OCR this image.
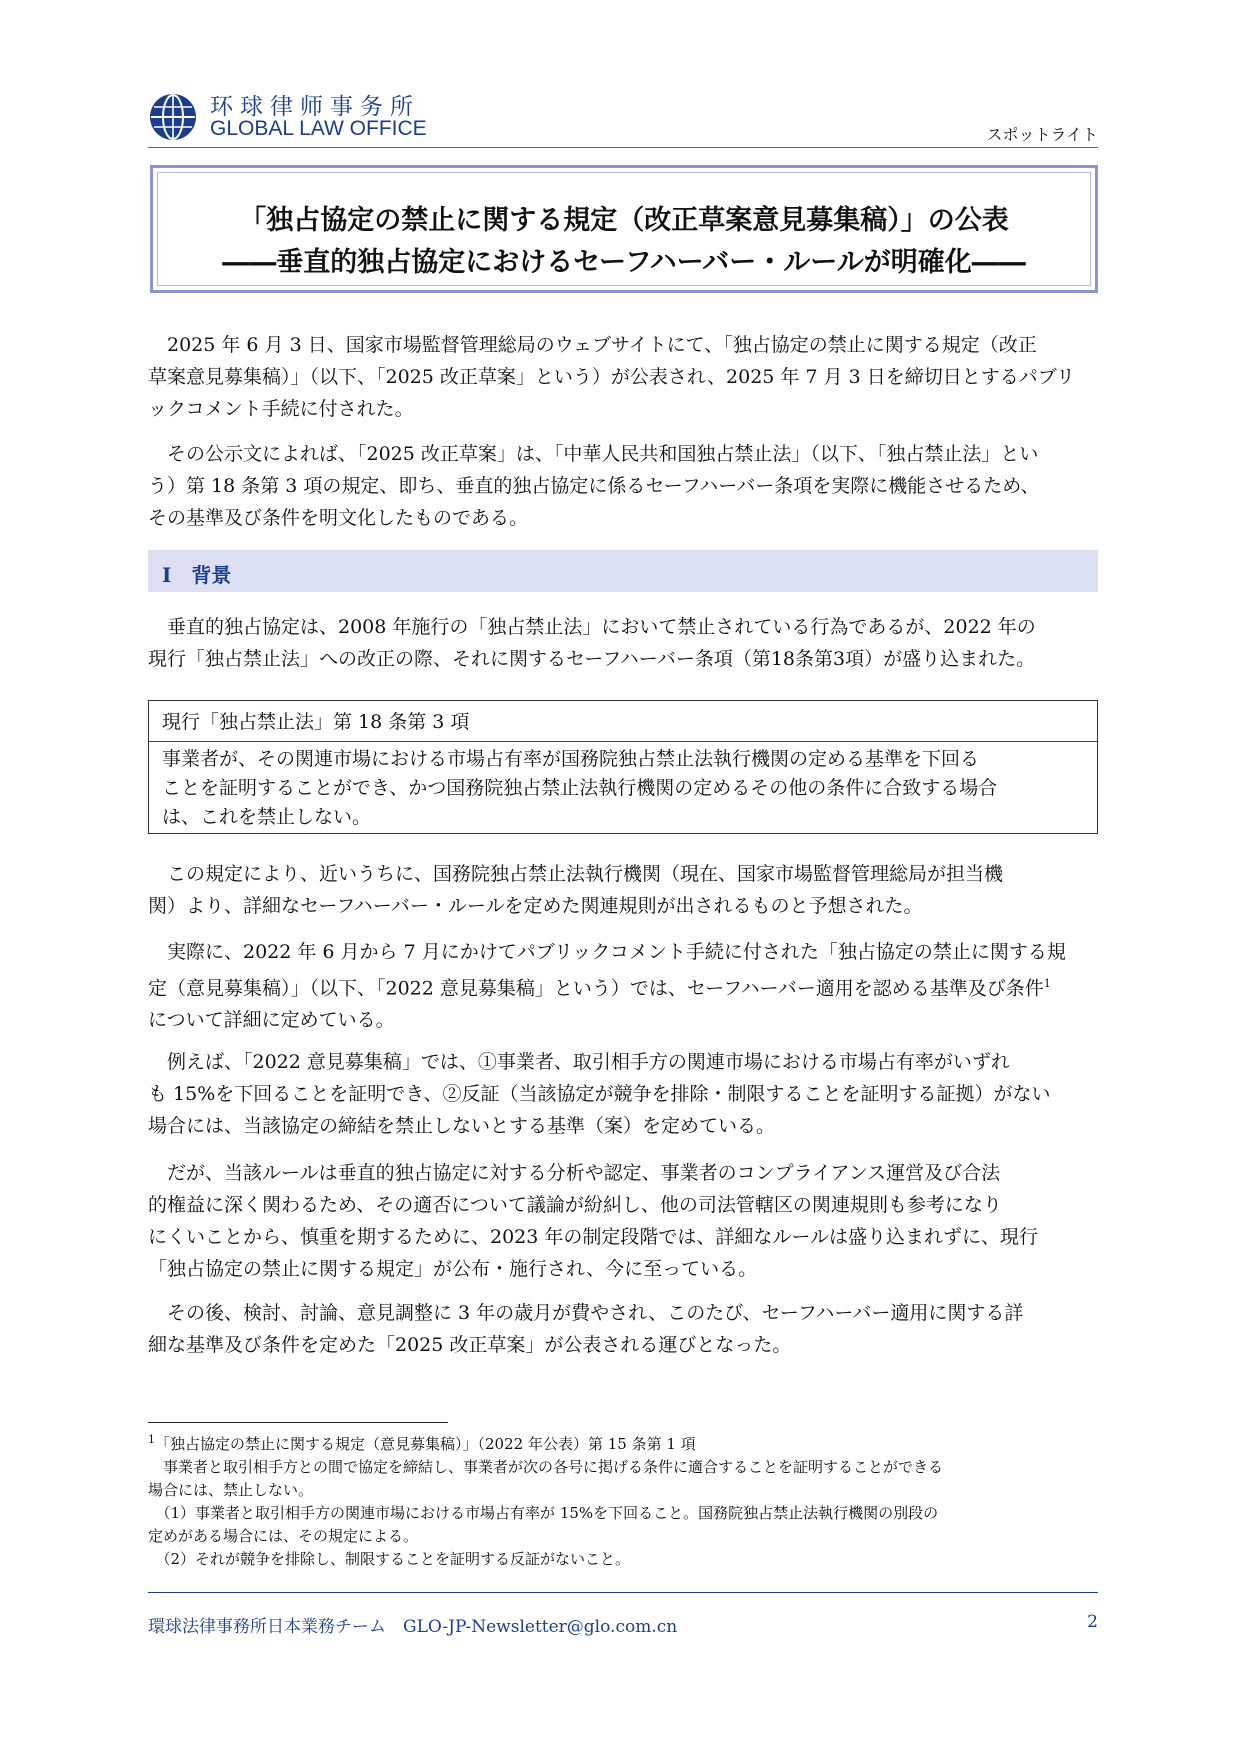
环球律师事务所
GLOBAL LAW OFFICE	スポットライト
「独占協定の禁止に関する規定（改正草案意見募集稿）」の公表
――垂直的独占協定におけるセーフハーバー・ルールが明確化――
2025 年 6 月 3 日、国家市場監督管理総局のウェブサイトにて、「独占協定の禁止に関する規定（改正
草案意見募集稿）」（以下、「2025 改正草案」という）が公表され、2025 年 7 月 3 日を締切日とするパブリ
ックコメント手続に付された。
その公示文によれば、「2025 改正草案」は、「中華人民共和国独占禁止法」（以下、「独占禁止法」とい
う）第 18 条第 3 項の規定、即ち、垂直的独占協定に係るセーフハーバー条項を実際に機能させるため、
その基準及び条件を明文化したものである。
I　背景
垂直的独占協定は、2008 年施行の「独占禁止法」において禁止されている行為であるが、2022 年の
現行「独占禁止法」への改正の際、それに関するセーフハーバー条項（第18条第3項）が盛り込まれた。
現行「独占禁止法」第 18 条第 3 項
事業者が、その関連市場における市場占有率が国務院独占禁止法執行機関の定める基準を下回る
ことを証明することができ、かつ国務院独占禁止法執行機関の定めるその他の条件に合致する場合
は、これを禁止しない。
この規定により、近いうちに、国務院独占禁止法執行機関（現在、国家市場監督管理総局が担当機
関）より、詳細なセーフハーバー・ルールを定めた関連規則が出されるものと予想された。
実際に、2022 年 6 月から 7 月にかけてパブリックコメント手続に付された「独占協定の禁止に関する規
定（意見募集稿）」（以下、「2022 意見募集稿」という）では、セーフハーバー適用を認める基準及び条件$^1$
について詳細に定めている。
例えば、「2022 意見募集稿」では、①事業者、取引相手方の関連市場における市場占有率がいずれ
も 15%を下回ることを証明でき、②反証（当該協定が競争を排除・制限することを証明する証拠）がない
場合には、当該協定の締結を禁止しないとする基準（案）を定めている。
だが、当該ルールは垂直的独占協定に対する分析や認定、事業者のコンプライアンス運営及び合法
的権益に深く関わるため、その適否について議論が紛糾し、他の司法管轄区の関連規則も参考になり
にくいことから、慎重を期するために、2023 年の制定段階では、詳細なルールは盛り込まれずに、現行
「独占協定の禁止に関する規定」が公布・施行され、今に至っている。
その後、検討、討論、意見調整に 3 年の歳月が費やされ、このたび、セーフハーバー適用に関する詳
細な基準及び条件を定めた「2025 改正草案」が公表される運びとなった。
$^1$「独占協定の禁止に関する規定（意見募集稿）」（2022 年公表）第 15 条第 1 項
　事業者と取引相手方との間で協定を締結し、事業者が次の各号に掲げる条件に適合することを証明することができる
場合には、禁止しない。
　（1）事業者と取引相手方の関連市場における市場占有率が 15%を下回ること。国務院独占禁止法執行機関の別段の
定めがある場合には、その規定による。
　（2）それが競争を排除し、制限することを証明する反証がないこと。
環球法律事務所日本業務チーム　GLO-JP-Newsletter@glo.com.cn	2
